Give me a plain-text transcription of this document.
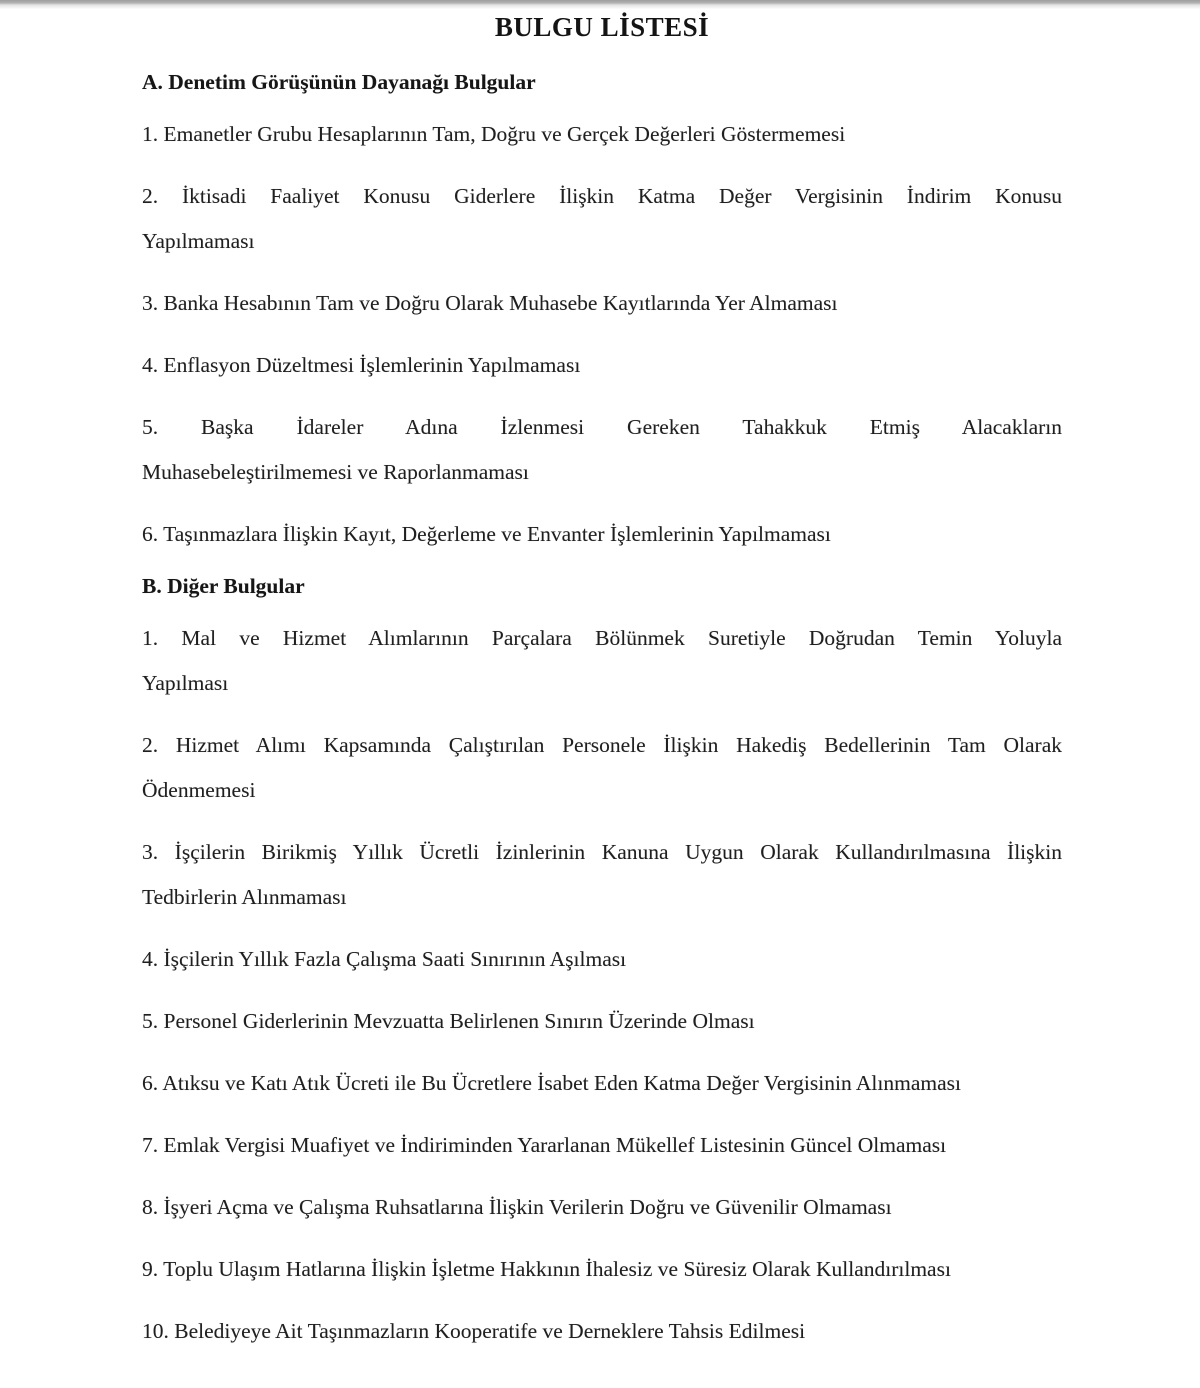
BULGU LİSTESİ

A. Denetim Görüşünün Dayanağı Bulgular

1. Emanetler Grubu Hesaplarının Tam, Doğru ve Gerçek Değerleri Göstermemesi
2. İktisadi Faaliyet Konusu Giderlere İlişkin Katma Değer Vergisinin İndirim Konusu
Yapılmaması
3. Banka Hesabının Tam ve Doğru Olarak Muhasebe Kayıtlarında Yer Almaması
4. Enflasyon Düzeltmesi İşlemlerinin Yapılmaması
5. Başka İdareler Adına İzlenmesi Gereken Tahakkuk Etmiş Alacakların
Muhasebeleştirilmemesi ve Raporlanmaması
6. Taşınmazlara İlişkin Kayıt, Değerleme ve Envanter İşlemlerinin Yapılmaması

B. Diğer Bulgular

1. Mal ve Hizmet Alımlarının Parçalara Bölünmek Suretiyle Doğrudan Temin Yoluyla
Yapılması
2. Hizmet Alımı Kapsamında Çalıştırılan Personele İlişkin Hakediş Bedellerinin Tam Olarak
Ödenmemesi
3. İşçilerin Birikmiş Yıllık Ücretli İzinlerinin Kanuna Uygun Olarak Kullandırılmasına İlişkin
Tedbirlerin Alınmaması
4. İşçilerin Yıllık Fazla Çalışma Saati Sınırının Aşılması
5. Personel Giderlerinin Mevzuatta Belirlenen Sınırın Üzerinde Olması
6. Atıksu ve Katı Atık Ücreti ile Bu Ücretlere İsabet Eden Katma Değer Vergisinin Alınmaması
7. Emlak Vergisi Muafiyet ve İndiriminden Yararlanan Mükellef Listesinin Güncel Olmaması
8. İşyeri Açma ve Çalışma Ruhsatlarına İlişkin Verilerin Doğru ve Güvenilir Olmaması
9. Toplu Ulaşım Hatlarına İlişkin İşletme Hakkının İhalesiz ve Süresiz Olarak Kullandırılması
10. Belediyeye Ait Taşınmazların Kooperatife ve Derneklere Tahsis Edilmesi
